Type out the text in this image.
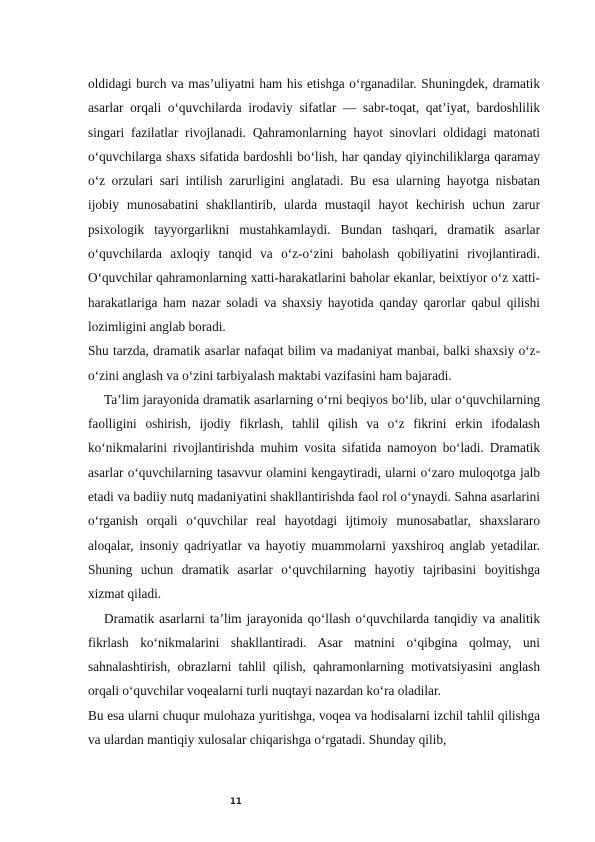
oldidagi burch va mas’uliyatni ham his etishga o‘rganadilar. Shuningdek, dramatik asarlar orqali o‘quvchilarda irodaviy sifatlar — sabr-toqat, qat’iyat, bardoshlilik singari fazilatlar rivojlanadi. Qahramonlarning hayot sinovlari oldidagi matonati o‘quvchilarga shaxs sifatida bardoshli bo‘lish, har qanday qiyinchiliklarga qaramay o‘z orzulari sari intilish zarurligini anglatadi. Bu esa ularning hayotga nisbatan ijobiy munosabatini shakllantirib, ularda mustaqil hayot kechirish uchun zarur psixologik tayyorgarlikni mustahkamlaydi. Bundan tashqari, dramatik asarlar o‘quvchilarda axloqiy tanqid va o‘z-o‘zini baholash qobiliyatini rivojlantiradi. O‘quvchilar qahramonlarning xatti-harakatlarini baholar ekanlar, beixtiyor o‘z xatti-harakatlariga ham nazar soladi va shaxsiy hayotida qanday qarorlar qabul qilishi lozimligini anglab boradi.

Shu tarzda, dramatik asarlar nafaqat bilim va madaniyat manbai, balki shaxsiy o‘z-o‘zini anglash va o‘zini tarbiyalash maktabi vazifasini ham bajaradi.

Ta’lim jarayonida dramatik asarlarning o‘rni beqiyos bo‘lib, ular o‘quvchilarning faolligini oshirish, ijodiy fikrlash, tahlil qilish va o‘z fikrini erkin ifodalash ko‘nikmalarini rivojlantirishda muhim vosita sifatida namoyon bo‘ladi. Dramatik asarlar o‘quvchilarning tasavvur olamini kengaytiradi, ularni o‘zaro muloqotga jalb etadi va badiiy nutq madaniyatini shakllantirishda faol rol o‘ynaydi. Sahna asarlarini o‘rganish orqali o‘quvchilar real hayotdagi ijtimoiy munosabatlar, shaxslararo aloqalar, insoniy qadriyatlar va hayotiy muammolarni yaxshiroq anglab yetadilar. Shuning uchun dramatik asarlar o‘quvchilarning hayotiy tajribasini boyitishga xizmat qiladi.

Dramatik asarlarni ta’lim jarayonida qo‘llash o‘quvchilarda tanqidiy va analitik fikrlash ko‘nikmalarini shakllantiradi. Asar matnini o‘qibgina qolmay, uni sahnalashtirish, obrazlarni tahlil qilish, qahramonlarning motivatsiyasini anglash orqali o‘quvchilar voqealarni turli nuqtayi nazardan ko‘ra oladilar.

Bu esa ularni chuqur mulohaza yuritishga, voqea va hodisalarni izchil tahlil qilishga va ulardan mantiqiy xulosalar chiqarishga o‘rgatadi. Shunday qilib,

11
